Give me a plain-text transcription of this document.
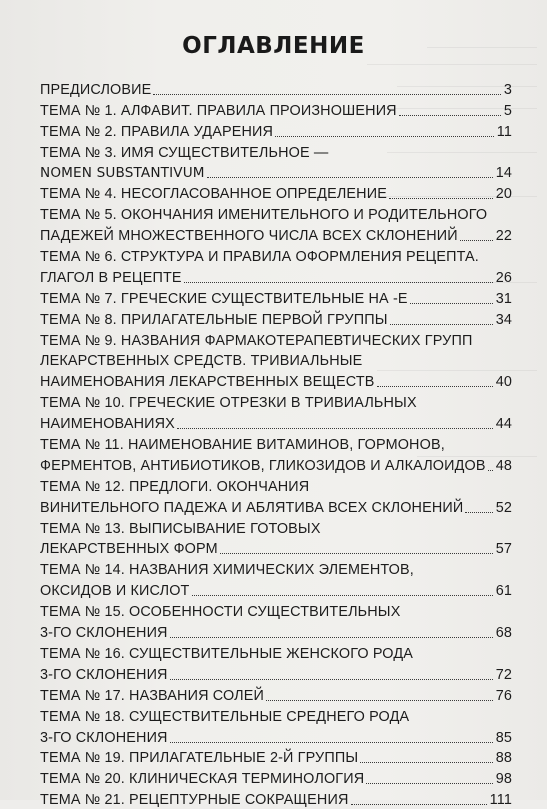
ОГЛАВЛЕНИЕ
ПРЕДИСЛОВИЕ	3
ТЕМА № 1. АЛФАВИТ. ПРАВИЛА ПРОИЗНОШЕНИЯ	5
ТЕМА № 2. ПРАВИЛА УДАРЕНИЯ	11
ТЕМА № 3. ИМЯ СУЩЕСТВИТЕЛЬНОЕ —
NOMEN SUBSTANTIVUM	14
ТЕМА № 4. НЕСОГЛАСОВАННОЕ ОПРЕДЕЛЕНИЕ	20
ТЕМА № 5. ОКОНЧАНИЯ ИМЕНИТЕЛЬНОГО И РОДИТЕЛЬНОГО
ПАДЕЖЕЙ МНОЖЕСТВЕННОГО ЧИСЛА ВСЕХ СКЛОНЕНИЙ	22
ТЕМА № 6. СТРУКТУРА И ПРАВИЛА ОФОРМЛЕНИЯ РЕЦЕПТА.
ГЛАГОЛ В РЕЦЕПТЕ	26
ТЕМА № 7. ГРЕЧЕСКИЕ СУЩЕСТВИТЕЛЬНЫЕ НА -Е	31
ТЕМА № 8. ПРИЛАГАТЕЛЬНЫЕ ПЕРВОЙ ГРУППЫ	34
ТЕМА № 9. НАЗВАНИЯ ФАРМАКОТЕРАПЕВТИЧЕСКИХ ГРУПП
ЛЕКАРСТВЕННЫХ СРЕДСТВ. ТРИВИАЛЬНЫЕ
НАИМЕНОВАНИЯ ЛЕКАРСТВЕННЫХ ВЕЩЕСТВ	40
ТЕМА № 10. ГРЕЧЕСКИЕ ОТРЕЗКИ В ТРИВИАЛЬНЫХ
НАИМЕНОВАНИЯХ	44
ТЕМА № 11. НАИМЕНОВАНИЕ ВИТАМИНОВ, ГОРМОНОВ,
ФЕРМЕНТОВ, АНТИБИОТИКОВ, ГЛИКОЗИДОВ И АЛКАЛОИДОВ 48
ТЕМА № 12. ПРЕДЛОГИ. ОКОНЧАНИЯ
ВИНИТЕЛЬНОГО ПАДЕЖА И АБЛЯТИВА ВСЕХ СКЛОНЕНИЙ 52
ТЕМА № 13. ВЫПИСЫВАНИЕ ГОТОВЫХ
ЛЕКАРСТВЕННЫХ ФОРМ	57
ТЕМА № 14. НАЗВАНИЯ ХИМИЧЕСКИХ ЭЛЕМЕНТОВ,
ОКСИДОВ И КИСЛОТ	61
ТЕМА № 15. ОСОБЕННОСТИ СУЩЕСТВИТЕЛЬНЫХ
3-ГО СКЛОНЕНИЯ	68
ТЕМА № 16. СУЩЕСТВИТЕЛЬНЫЕ ЖЕНСКОГО РОДА
3-ГО СКЛОНЕНИЯ	72
ТЕМА № 17. НАЗВАНИЯ СОЛЕЙ	76
ТЕМА № 18. СУЩЕСТВИТЕЛЬНЫЕ СРЕДНЕГО РОДА
3-ГО СКЛОНЕНИЯ	85
ТЕМА № 19. ПРИЛАГАТЕЛЬНЫЕ 2-Й ГРУППЫ	88
ТЕМА № 20. КЛИНИЧЕСКАЯ ТЕРМИНОЛОГИЯ	98
ТЕМА № 21. РЕЦЕПТУРНЫЕ СОКРАЩЕНИЯ	111
